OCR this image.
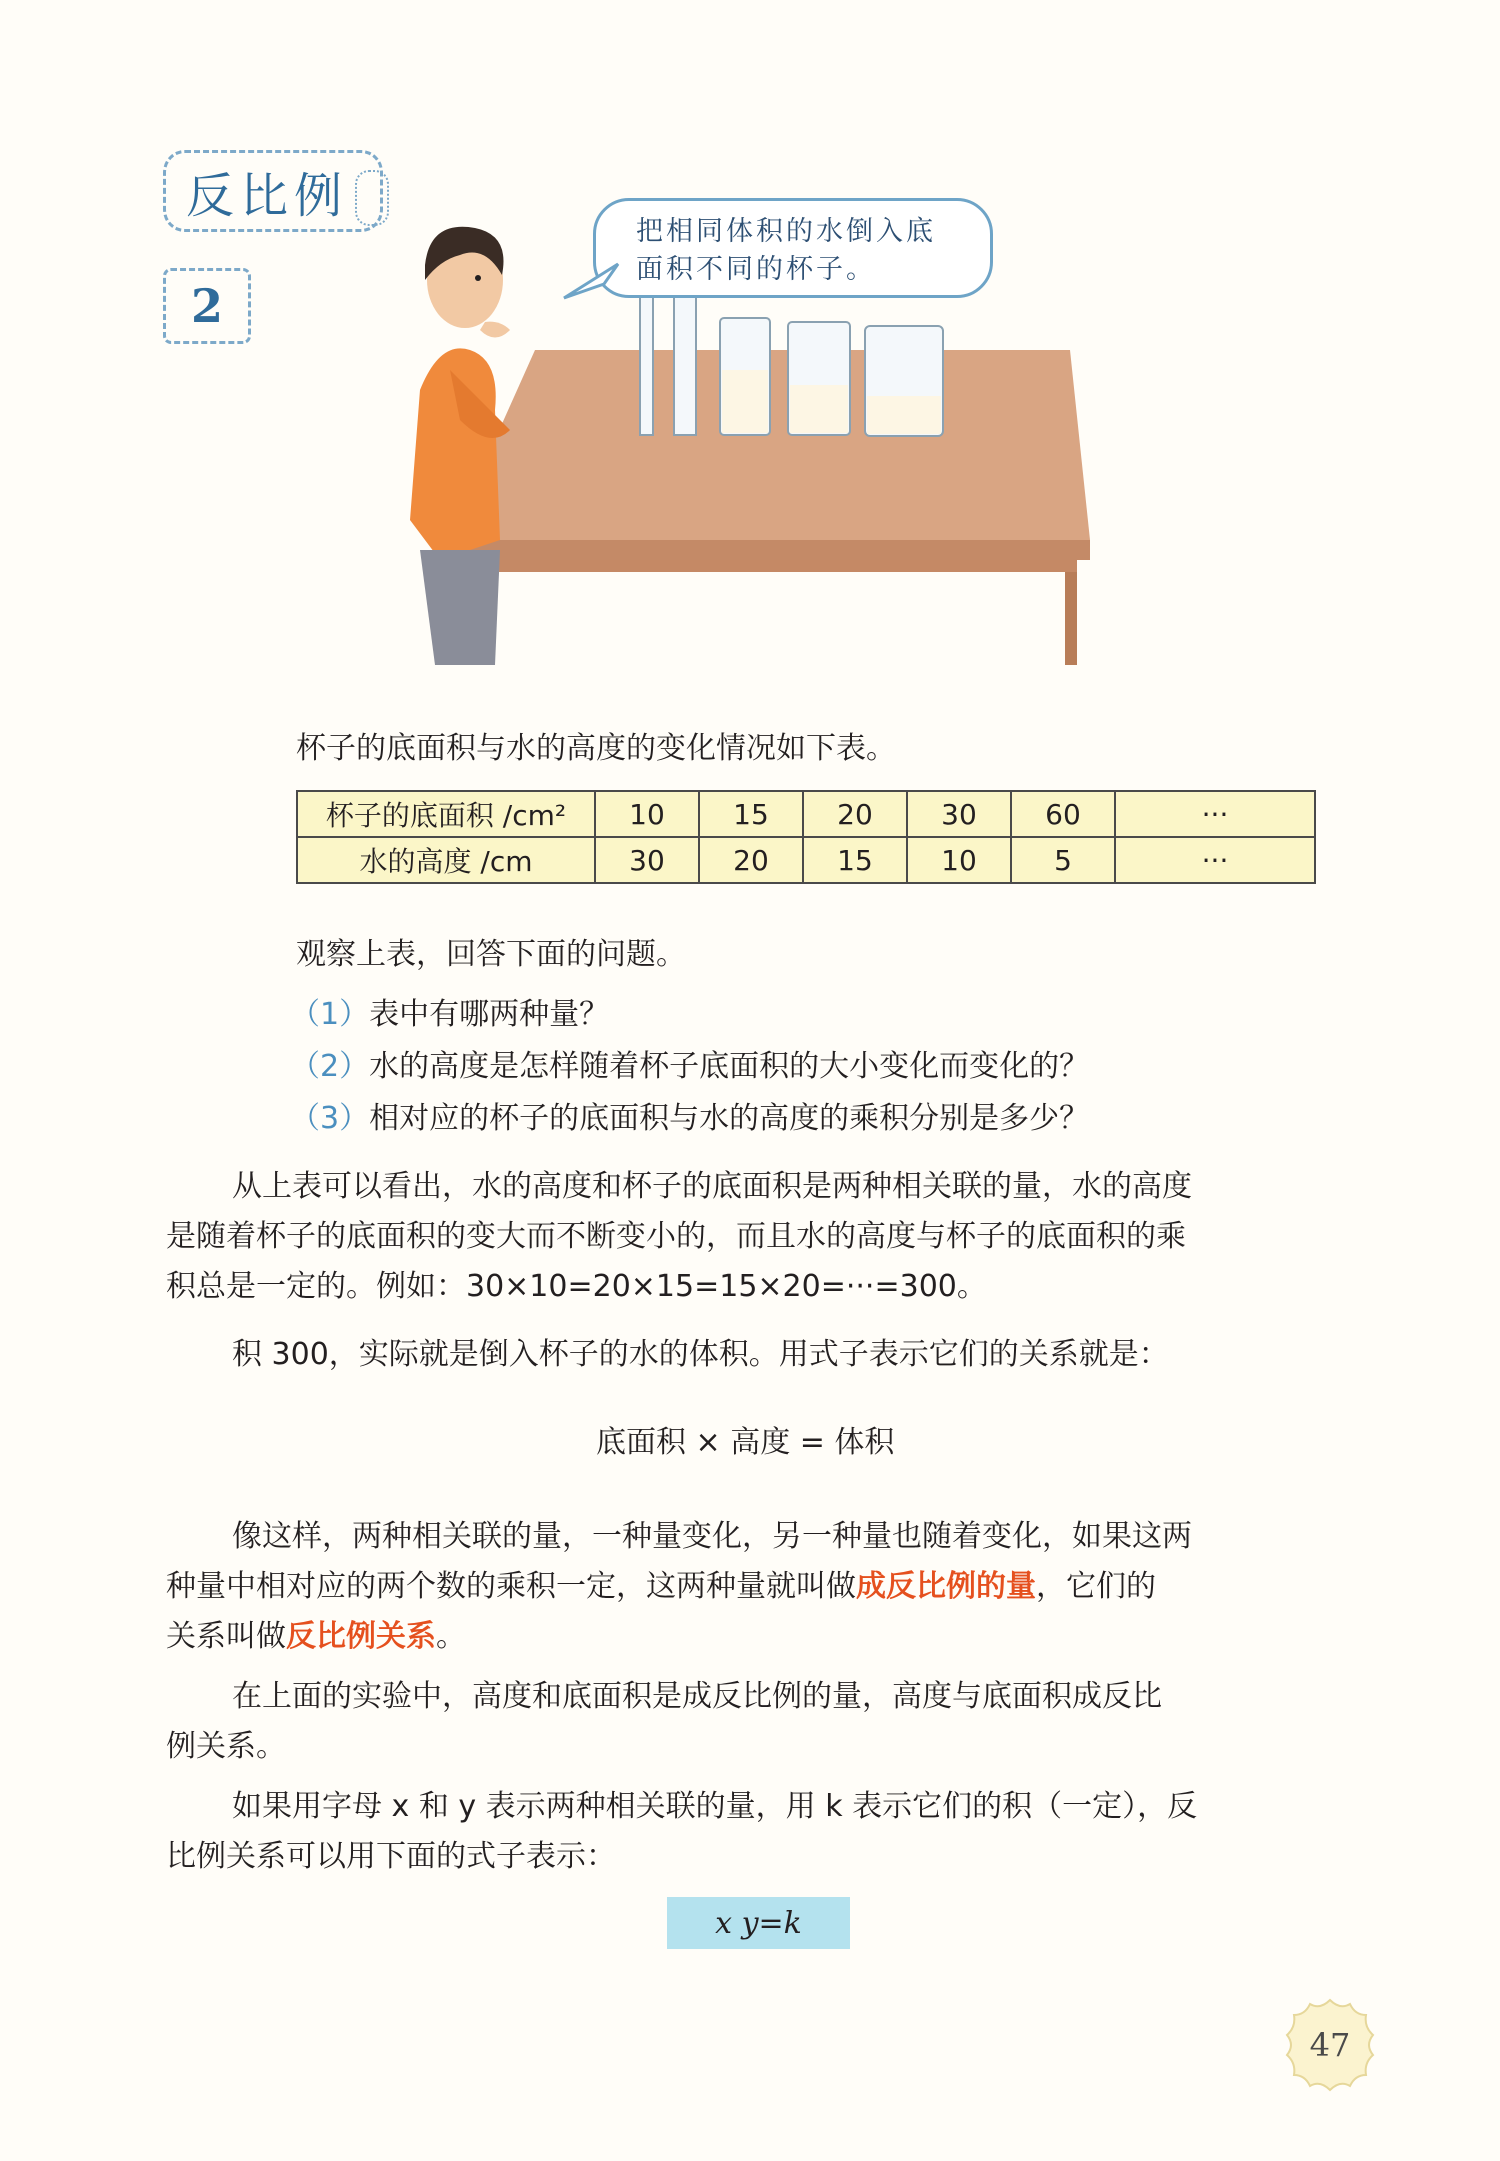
反比例
2
把相同体积的水倒入底
面积不同的杯子。
杯子的底面积与水的高度的变化情况如下表。
杯子的底面积 /cm²	10	15	20	30	60	···
水的高度 /cm	30	20	15	10	5	···
观察上表，回答下面的问题。
（1）表中有哪两种量？
（2）水的高度是怎样随着杯子底面积的大小变化而变化的？
（3）相对应的杯子的底面积与水的高度的乘积分别是多少？
从上表可以看出，水的高度和杯子的底面积是两种相关联的量，水的高度
是随着杯子的底面积的变大而不断变小的，而且水的高度与杯子的底面积的乘
积总是一定的。例如：30×10=20×15=15×20=···=300。
积 300，实际就是倒入杯子的水的体积。用式子表示它们的关系就是：
底面积 × 高度 = 体积
像这样，两种相关联的量，一种量变化，另一种量也随着变化，如果这两
种量中相对应的两个数的乘积一定，这两种量就叫做成反比例的量，它们的
关系叫做反比例关系。
在上面的实验中，高度和底面积是成反比例的量，高度与底面积成反比
例关系。
如果用字母 x 和 y 表示两种相关联的量，用 k 表示它们的积（一定），反
比例关系可以用下面的式子表示：
x y=k
47
